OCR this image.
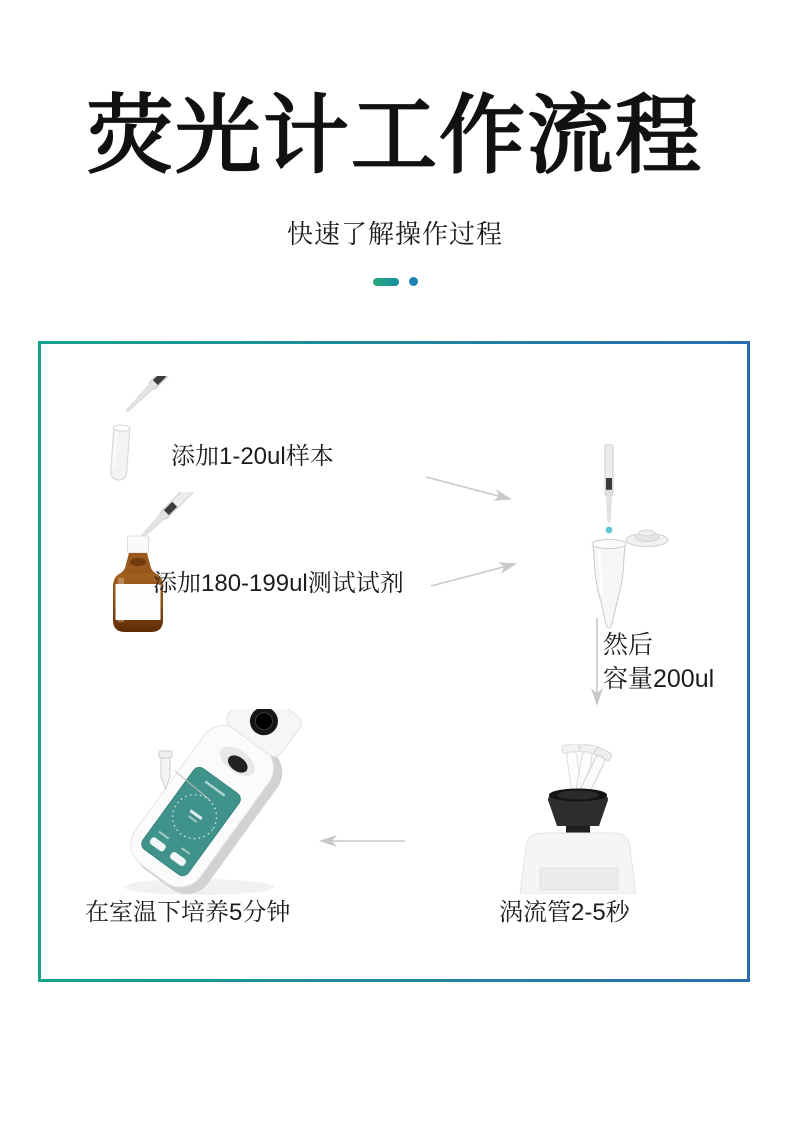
荧光计工作流程
快速了解操作过程
添加1-20ul样本
添加180-199ul测试试剂
然后
容量200ul
涡流管2-5秒
在室温下培养5分钟
